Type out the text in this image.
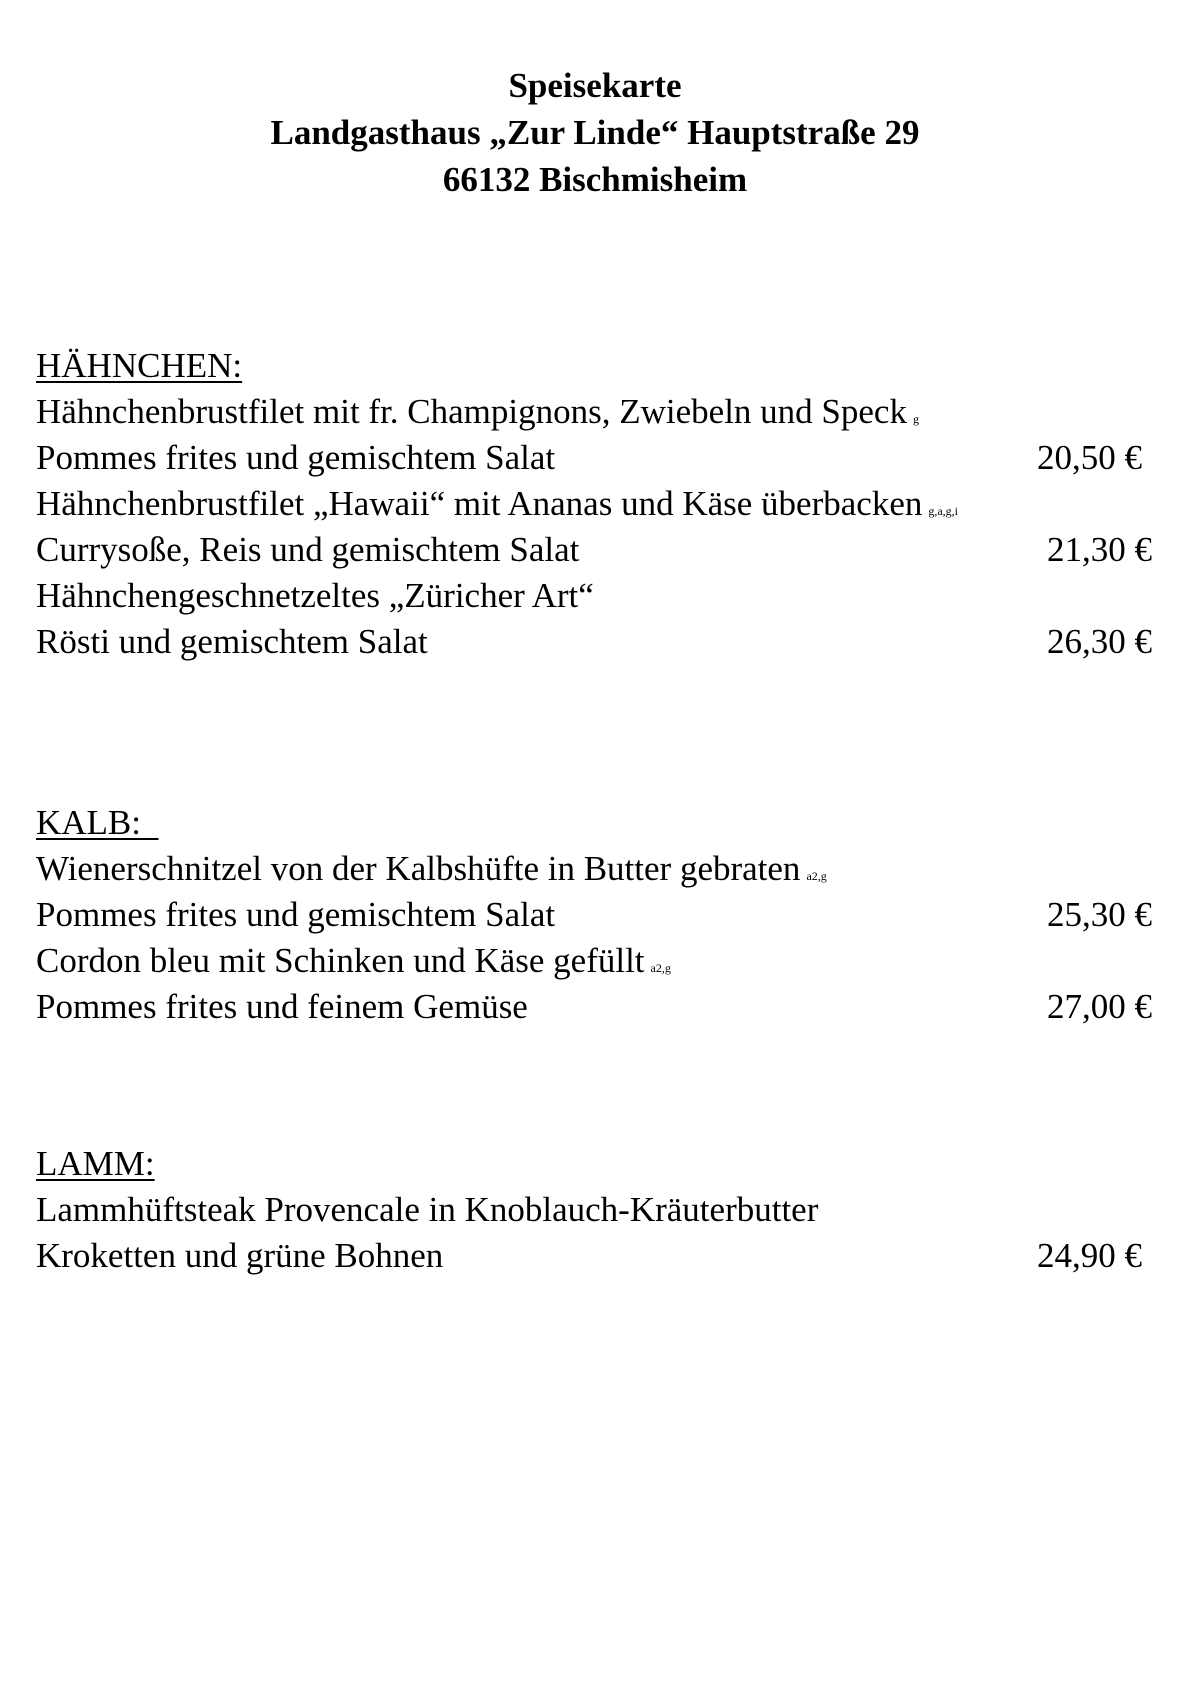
Speisekarte
Landgasthaus „Zur Linde“ Hauptstraße 29
66132 Bischmisheim
HÄHNCHEN:
Hähnchenbrustfilet mit fr. Champignons, Zwiebeln und Speck g
Pommes frites und gemischtem Salat	20,50 €
Hähnchenbrustfilet „Hawaii“ mit Ananas und Käse überbacken g,a,g,i
Currysoße, Reis und gemischtem Salat	21,30 €
Hähnchengeschnetzeltes „Züricher Art“
Rösti und gemischtem Salat	26,30 €
KALB:
Wienerschnitzel von der Kalbshüfte in Butter gebraten a2,g
Pommes frites und gemischtem Salat	25,30 €
Cordon bleu mit Schinken und Käse gefüllt a2,g
Pommes frites und feinem Gemüse	27,00 €
LAMM:
Lammhüftsteak Provencale in Knoblauch-Kräuterbutter
Kroketten und grüne Bohnen	24,90 €
